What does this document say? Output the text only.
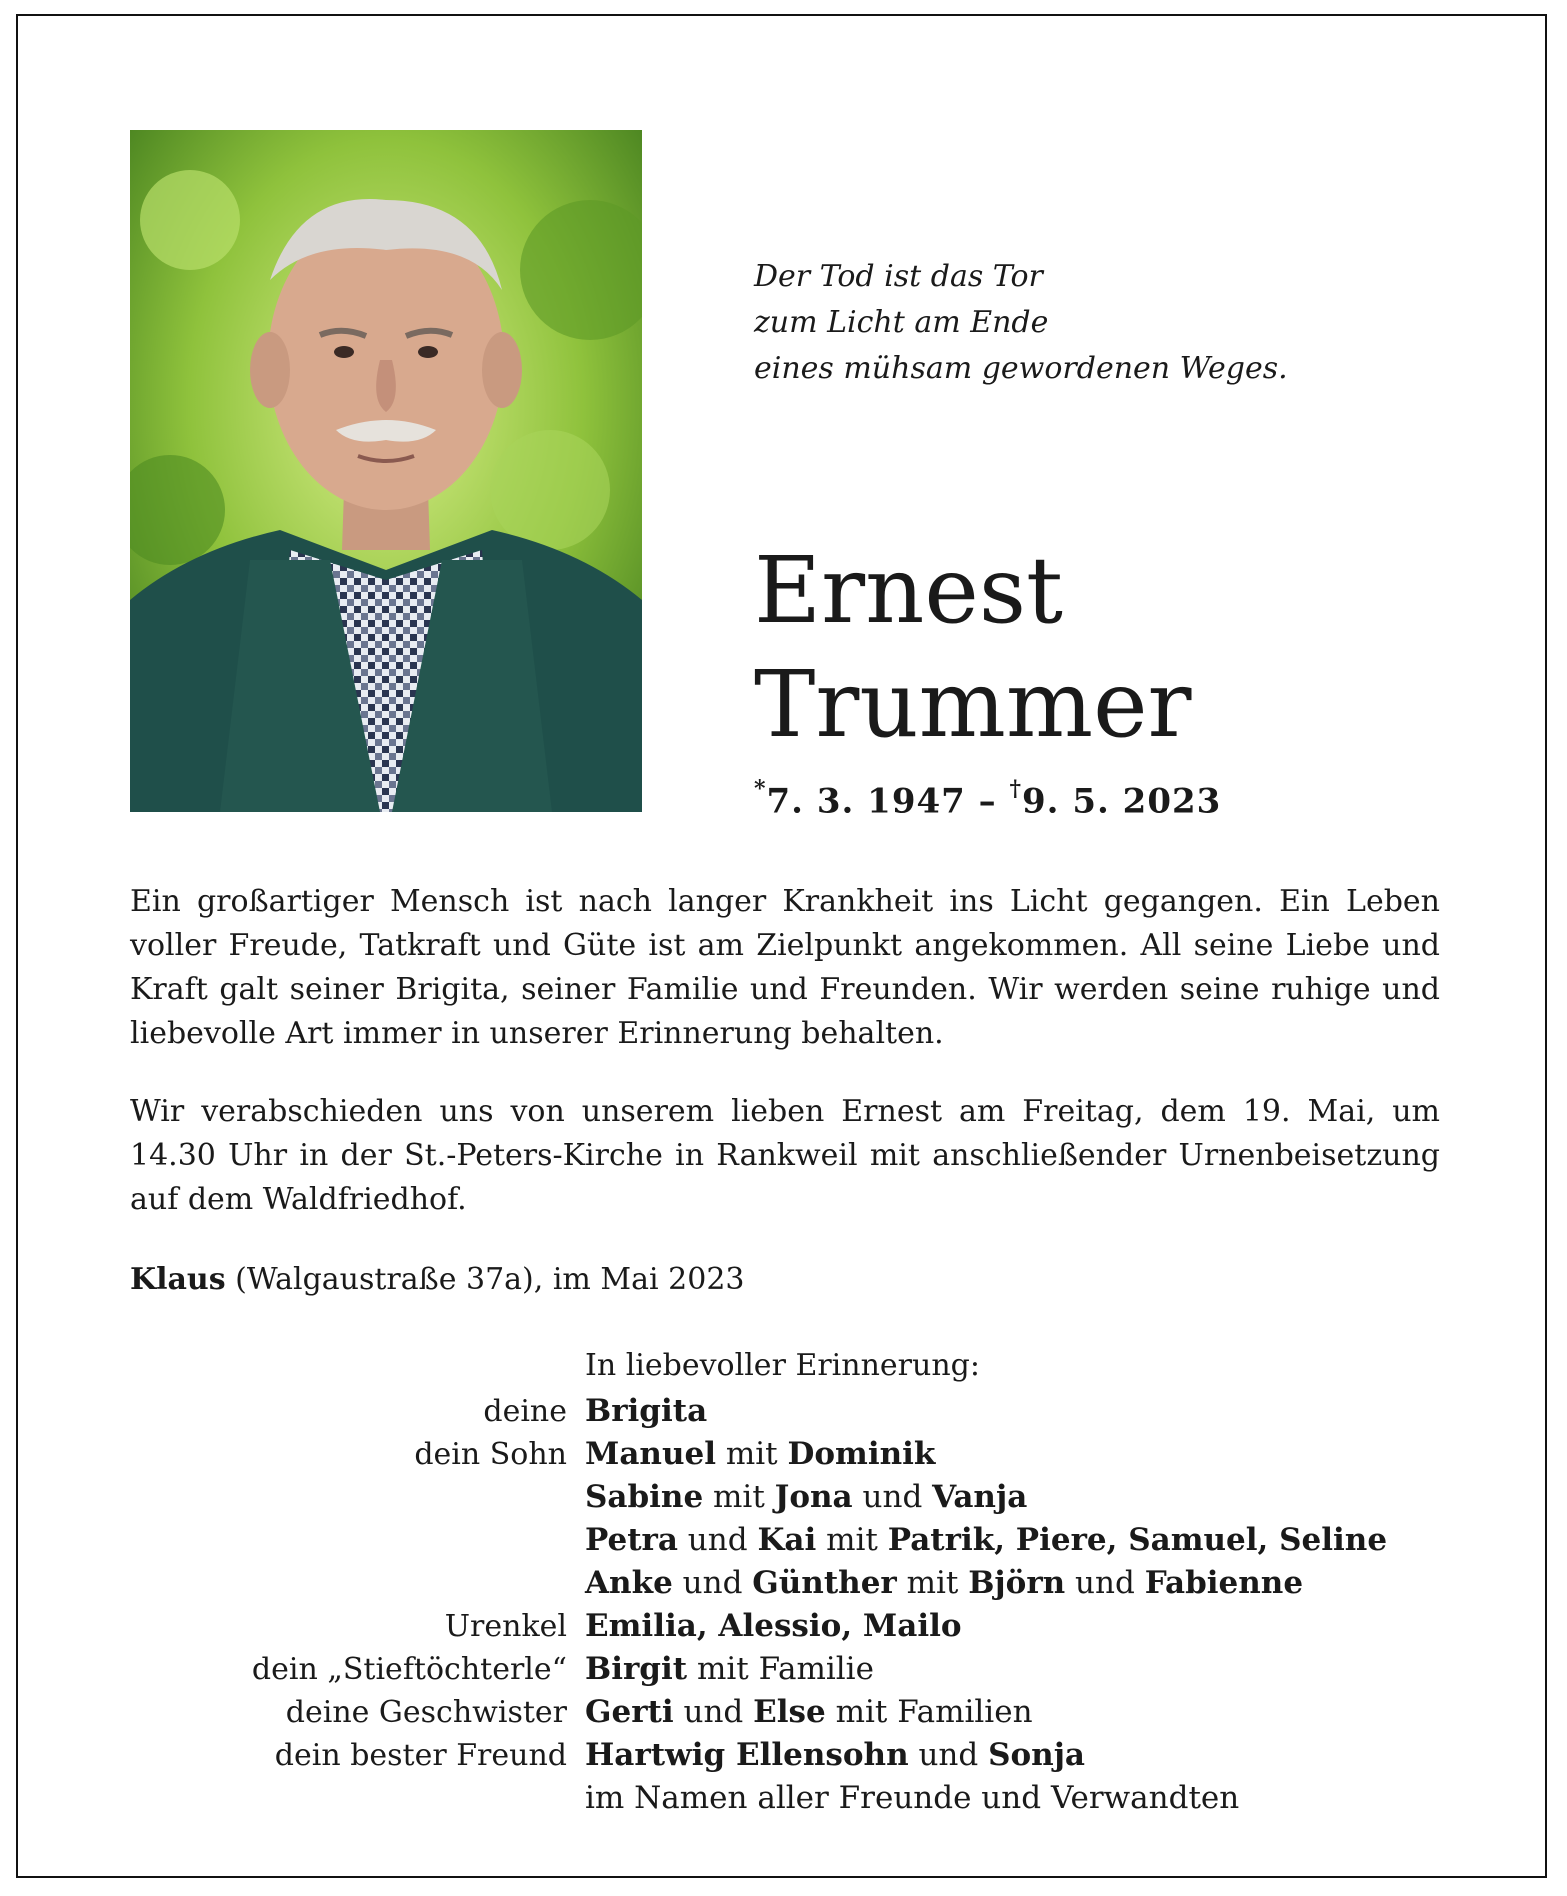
Der Tod ist das Tor
zum Licht am Ende
eines mühsam gewordenen Weges.
Ernest
Trummer
*7. 3. 1947 – †9. 5. 2023
Ein großartiger Mensch ist nach langer Krankheit ins Licht gegangen. Ein Leben voller Freude, Tatkraft und Güte ist am Zielpunkt angekommen. All seine Liebe und Kraft galt seiner Brigita, seiner Familie und Freunden. Wir werden seine ruhige und liebevolle Art immer in unserer Erinnerung behalten.
Wir verabschieden uns von unserem lieben Ernest am Freitag, dem 19. Mai, um 14.30 Uhr in der St.-Peters-Kirche in Rankweil mit anschließender Urnenbeisetzung auf dem Waldfriedhof.
Klaus (Walgaustraße 37a), im Mai 2023
In liebevoller Erinnerung:
deine Brigita
dein Sohn Manuel mit Dominik
Sabine mit Jona und Vanja
Petra und Kai mit Patrik, Piere, Samuel, Seline
Anke und Günther mit Björn und Fabienne
Urenkel Emilia, Alessio, Mailo
dein „Stieftöchterle“ Birgit mit Familie
deine Geschwister Gerti und Else mit Familien
dein bester Freund Hartwig Ellensohn und Sonja
im Namen aller Freunde und Verwandten
